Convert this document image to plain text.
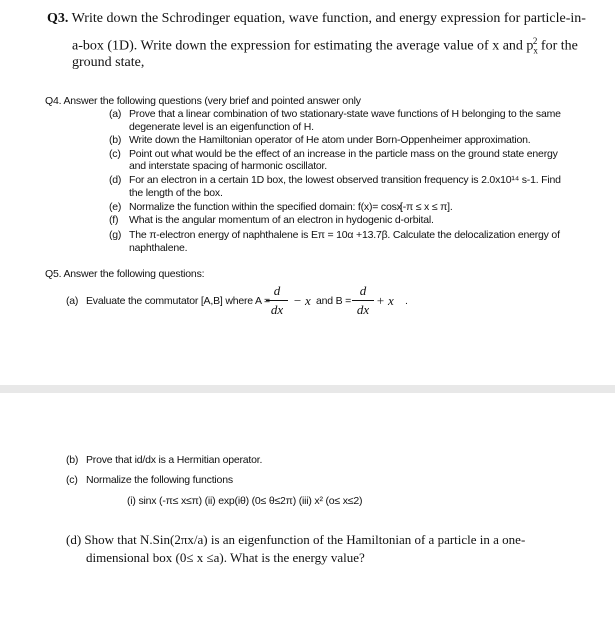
Q3. Write down the Schrodinger equation, wave function, and energy expression for particle-in-
a-box (1D). Write down the expression for estimating the average value of x and $p_x^2$ for the
ground state,
Q4. Answer the following questions (very brief and pointed answer only
(a) Prove that a linear combination of two stationary-state wave functions of H belonging to the same
degenerate level is an eigenfunction of H.
(b) Write down the Hamiltonian operator of He atom under Born-Oppenheimer approximation.
(c) Point out what would be the effect of an increase in the particle mass on the ground state energy
and interstate spacing of harmonic oscillator.
(d) For an electron in a certain 1D box, the lowest observed transition frequency is 2.0x10¹⁴ s-1. Find
the length of the box.
(e) Normalize the function within the specified domain: f(x)= cosx
[-π ≤ x ≤ π].
(f) What is the angular momentum of an electron in hydogenic d-orbital.
(g) The π-electron energy of naphthalene is Eπ = 10α +13.7β. Calculate the delocalization energy of
naphthalene.
Q5. Answer the following questions:
(a) Evaluate the commutator [A,B] where A =
d
dx
− x and B =
d
dx
+ x .
(b) Prove that id/dx is a Hermitian operator.
(c) Normalize the following functions
(i) sinx (-π≤ x≤π) (ii) exp(iθ) (0≤ θ≤2π) (iii) x² (o≤ x≤2)
(d) Show that N.Sin(2πx/a) is an eigenfunction of the Hamiltonian of a particle in a one-
dimensional box (0≤ x ≤a). What is the energy value?
